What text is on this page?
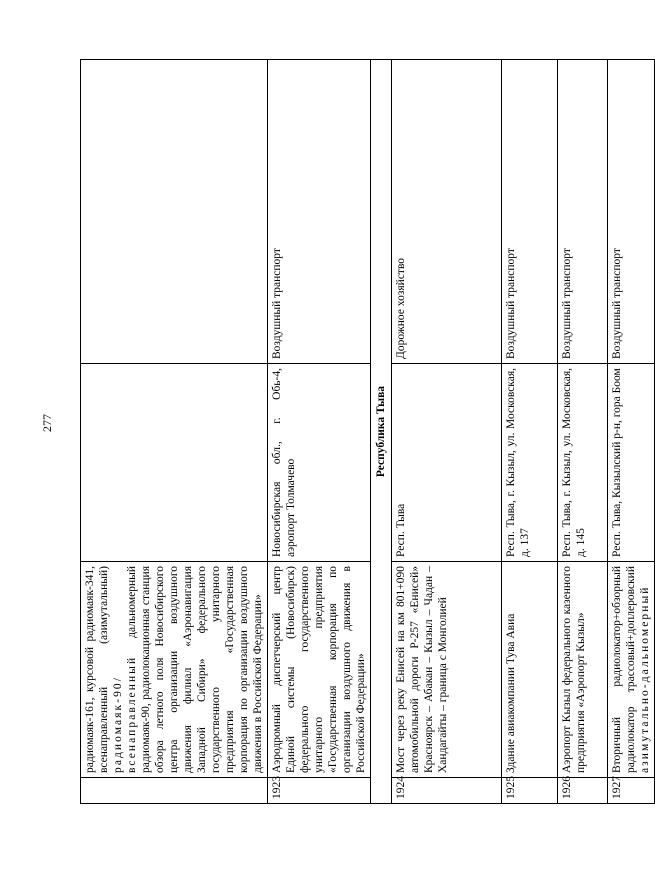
277
	радиомаяк-161, курсовой радиомаяк-341, всенаправленный (азимутальный) радиомаяк-90/всенаправленный дальномерный радиомаяк-90, радиолокационная станция обзора летного поля Новосибирского центра организации воздушного движения филиал «Аэронавигация Западной Сибири» федерального государственного унитарного предприятия «Государственная корпорация по организации воздушного движения в Российской Федерации»		
1923	Аэродромный диспетчерский центр Единой системы (Новосибирск) федерального государственного унитарного предприятия «Государственная корпорация по организации воздушного движения в Российской Федерации»	Новосибирская обл., г. Обь-4, аэропорт Толмачево	Воздушный транспорт
Республика Тыва			
1924	Мост через реку Енисей на км 801+090 автомобильной дороги Р-257 «Енисей» Красноярск – Абакан – Кызыл – Чадан – Хандагайты – граница с Монголией	Респ. Тыва	Дорожное хозяйство
1925	Здание авиакомпании Тува Авиа	Респ. Тыва, г. Кызыл, ул. Московская, д. 137	Воздушный транспорт
1926	Аэропорт Кызыл федерального казенного предприятия «Аэропорт Кызыл»	Респ. Тыва, г. Кызыл, ул. Московская, д. 145	Воздушный транспорт
1927	Вторичный радиолокатор+обзорный радиолокатор трассовый+доплеровский азимутально-дальномерный	Респ. Тыва, Кызылский р-н, гора Боом	Воздушный транспорт
